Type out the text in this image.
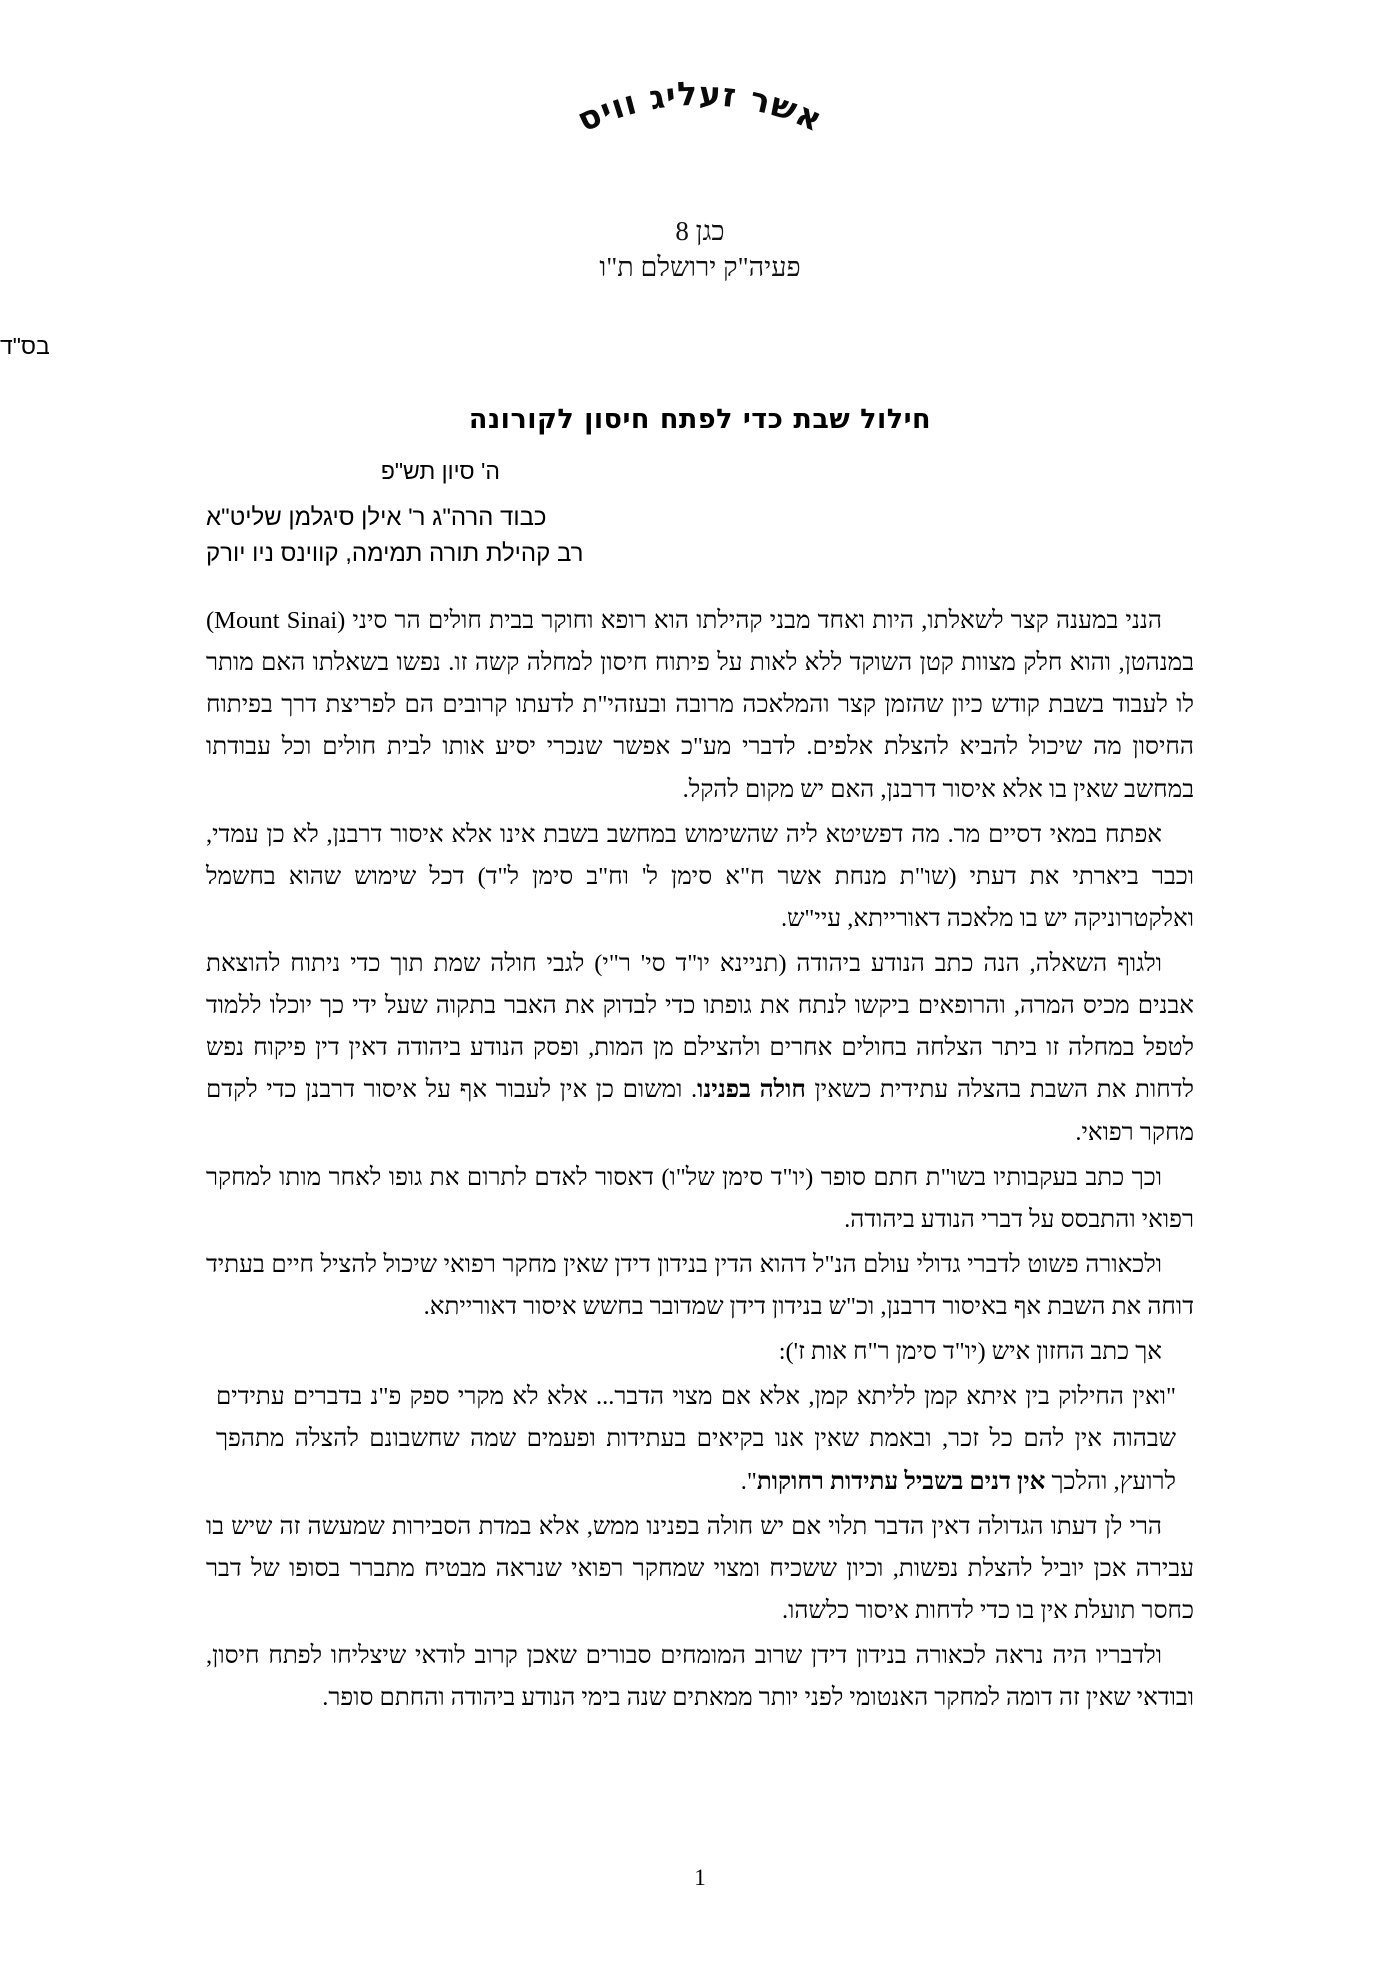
אשר זעליג וויס
כגן 8
פעיה"ק ירושלם ת"ו
בס"ד
חילול שבת כדי לפתח חיסון לקורונה
ה' סיון תש"פ
כבוד הרה"ג ר' אילן סיגלמן שליט"א
רב קהילת תורה תמימה, קווינס ניו יורק

הנני במענה קצר לשאלתו, היות ואחד מבני קהילתו הוא רופא וחוקר בבית חולים הר סיני (Mount Sinai) במנהטן, והוא חלק מצוות קטן השוקד ללא לאות על פיתוח חיסון למחלה קשה זו. נפשו בשאלתו האם מותר לו לעבוד בשבת קודש כיון שהזמן קצר והמלאכה מרובה ובעזהי"ת לדעתו קרובים הם לפריצת דרך בפיתוח החיסון מה שיכול להביא להצלת אלפים. לדברי מע"כ אפשר שנכרי יסיע אותו לבית חולים וכל עבודתו במחשב שאין בו אלא איסור דרבנן, האם יש מקום להקל.

אפתח במאי דסיים מר. מה דפשיטא ליה שהשימוש במחשב בשבת אינו אלא איסור דרבנן, לא כן עמדי, וכבר ביארתי את דעתי (שו"ת מנחת אשר ח"א סימן ל' וח"ב סימן ל"ד) דכל שימוש שהוא בחשמל ואלקטרוניקה יש בו מלאכה דאורייתא, עיי"ש.

ולגוף השאלה, הנה כתב הנודע ביהודה (תניינא יו"ד סי' ר"י) לגבי חולה שמת תוך כדי ניתוח להוצאת אבנים מכיס המרה, והרופאים ביקשו לנתח את גופתו כדי לבדוק את האבר בתקוה שעל ידי כך יוכלו ללמוד לטפל במחלה זו ביתר הצלחה בחולים אחרים ולהצילם מן המות, ופסק הנודע ביהודה דאין דין פיקוח נפש לדחות את השבת בהצלה עתידית כשאין חולה בפנינו. ומשום כן אין לעבור אף על איסור דרבנן כדי לקדם מחקר רפואי.

וכך כתב בעקבותיו בשו"ת חתם סופר (יו"ד סימן של"ו) דאסור לאדם לתרום את גופו לאחר מותו למחקר רפואי והתבסס על דברי הנודע ביהודה.

ולכאורה פשוט לדברי גדולי עולם הנ"ל דהוא הדין בנידון דידן שאין מחקר רפואי שיכול להציל חיים בעתיד דוחה את השבת אף באיסור דרבנן, וכ"ש בנידון דידן שמדובר בחשש איסור דאורייתא.

אך כתב החזון איש (יו"ד סימן ר"ח אות ז'):

"ואין החילוק בין איתא קמן לליתא קמן, אלא אם מצוי הדבר... אלא לא מקרי ספק פ"נ בדברים עתידים שבהוה אין להם כל זכר, ובאמת שאין אנו בקיאים בעתידות ופעמים שמה שחשבונם להצלה מתהפך לרועץ, והלכך אין דנים בשביל עתידות רחוקות".

הרי לן דעתו הגדולה דאין הדבר תלוי אם יש חולה בפנינו ממש, אלא במדת הסבירות שמעשה זה שיש בו עבירה אכן יוביל להצלת נפשות, וכיון ששכיח ומצוי שמחקר רפואי שנראה מבטיח מתברר בסופו של דבר כחסר תועלת אין בו כדי לדחות איסור כלשהו.

ולדבריו היה נראה לכאורה בנידון דידן שרוב המומחים סבורים שאכן קרוב לודאי שיצליחו לפתח חיסון, ובודאי שאין זה דומה למחקר האנטומי לפני יותר ממאתים שנה בימי הנודע ביהודה והחתם סופר.

1
